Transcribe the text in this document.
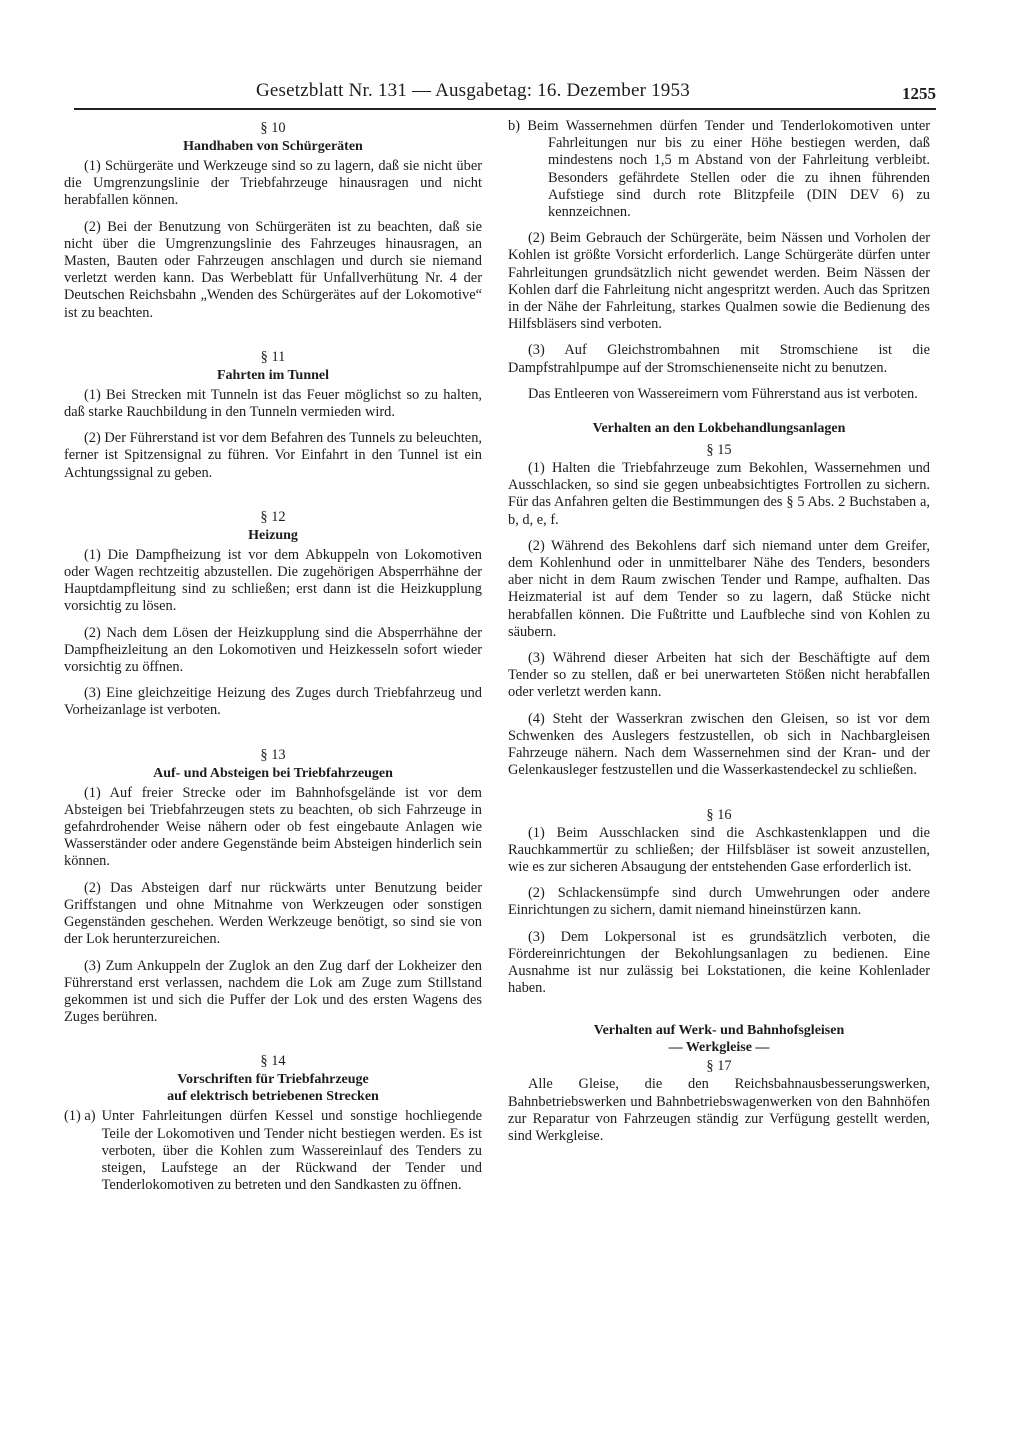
Gesetzblatt Nr. 131 — Ausgabetag: 16. Dezember 1953	1255

§ 10

Handhaben von Schürgeräten

(1) Schürgeräte und Werkzeuge sind so zu lagern, daß sie nicht über die Umgrenzungslinie der Triebfahrzeuge hinausragen und nicht herabfallen können.

(2) Bei der Benutzung von Schürgeräten ist zu beachten, daß sie nicht über die Umgrenzungslinie des Fahrzeuges hinausragen, an Masten, Bauten oder Fahrzeugen anschlagen und durch sie niemand verletzt werden kann. Das Werbeblatt für Unfallverhütung Nr. 4 der Deutschen Reichsbahn „Wenden des Schürgerätes auf der Lokomotive“ ist zu beachten.

§ 11

Fahrten im Tunnel

(1) Bei Strecken mit Tunneln ist das Feuer möglichst so zu halten, daß starke Rauchbildung in den Tunneln vermieden wird.

(2) Der Führerstand ist vor dem Befahren des Tunnels zu beleuchten, ferner ist Spitzensignal zu führen. Vor Einfahrt in den Tunnel ist ein Achtungssignal zu geben.

§ 12

Heizung

(1) Die Dampfheizung ist vor dem Abkuppeln von Lokomotiven oder Wagen rechtzeitig abzustellen. Die zugehörigen Absperrhähne der Hauptdampfleitung sind zu schließen; erst dann ist die Heizkupplung vorsichtig zu lösen.

(2) Nach dem Lösen der Heizkupplung sind die Absperrhähne der Dampfheizleitung an den Lokomotiven und Heizkesseln sofort wieder vorsichtig zu öffnen.

(3) Eine gleichzeitige Heizung des Zuges durch Triebfahrzeug und Vorheizanlage ist verboten.

§ 13

Auf- und Absteigen bei Triebfahrzeugen

(1) Auf freier Strecke oder im Bahnhofsgelände ist vor dem Absteigen bei Triebfahrzeugen stets zu beachten, ob sich Fahrzeuge in gefahrdrohender Weise nähern oder ob fest eingebaute Anlagen wie Wasserständer oder andere Gegenstände beim Absteigen hinderlich sein können.

(2) Das Absteigen darf nur rückwärts unter Benutzung beider Griffstangen und ohne Mitnahme von Werkzeugen oder sonstigen Gegenständen geschehen. Werden Werkzeuge benötigt, so sind sie von der Lok herunterzureichen.

(3) Zum Ankuppeln der Zuglok an den Zug darf der Lokheizer den Führerstand erst verlassen, nachdem die Lok am Zuge zum Stillstand gekommen ist und sich die Puffer der Lok und des ersten Wagens des Zuges berühren.

§ 14

Vorschriften für Triebfahrzeuge

auf elektrisch betriebenen Strecken

(1) a) Unter Fahrleitungen dürfen Kessel und sonstige hochliegende Teile der Lokomotiven und Tender nicht bestiegen werden. Es ist verboten, über die Kohlen zum Wassereinlauf des Tenders zu steigen, Laufstege an der Rückwand der Tender und Tenderlokomotiven zu betreten und den Sandkasten zu öffnen.

b) Beim Wassernehmen dürfen Tender und Tenderlokomotiven unter Fahrleitungen nur bis zu einer Höhe bestiegen werden, daß mindestens noch 1,5 m Abstand von der Fahrleitung verbleibt. Besonders gefährdete Stellen oder die zu ihnen führenden Aufstiege sind durch rote Blitzpfeile (DIN DEV 6) zu kennzeichnen.

(2) Beim Gebrauch der Schürgeräte, beim Nässen und Vorholen der Kohlen ist größte Vorsicht erforderlich. Lange Schürgeräte dürfen unter Fahrleitungen grundsätzlich nicht gewendet werden. Beim Nässen der Kohlen darf die Fahrleitung nicht angespritzt werden. Auch das Spritzen in der Nähe der Fahrleitung, starkes Qualmen sowie die Bedienung des Hilfsbläsers sind verboten.

(3) Auf Gleichstrombahnen mit Stromschiene ist die Dampfstrahlpumpe auf der Stromschienenseite nicht zu benutzen.

Das Entleeren von Wassereimern vom Führerstand aus ist verboten.

Verhalten an den Lokbehandlungsanlagen

§ 15

(1) Halten die Triebfahrzeuge zum Bekohlen, Wassernehmen und Ausschlacken, so sind sie gegen unbeabsichtigtes Fortrollen zu sichern. Für das Anfahren gelten die Bestimmungen des § 5 Abs. 2 Buchstaben a, b, d, e, f.

(2) Während des Bekohlens darf sich niemand unter dem Greifer, dem Kohlenhund oder in unmittelbarer Nähe des Tenders, besonders aber nicht in dem Raum zwischen Tender und Rampe, aufhalten. Das Heizmaterial ist auf dem Tender so zu lagern, daß Stücke nicht herabfallen können. Die Fußtritte und Laufbleche sind von Kohlen zu säubern.

(3) Während dieser Arbeiten hat sich der Beschäftigte auf dem Tender so zu stellen, daß er bei unerwarteten Stößen nicht herabfallen oder verletzt werden kann.

(4) Steht der Wasserkran zwischen den Gleisen, so ist vor dem Schwenken des Auslegers festzustellen, ob sich in Nachbargleisen Fahrzeuge nähern. Nach dem Wassernehmen sind der Kran- und der Gelenkausleger festzustellen und die Wasserkastendeckel zu schließen.

§ 16

(1) Beim Ausschlacken sind die Aschkastenklappen und die Rauchkammertür zu schließen; der Hilfsbläser ist soweit anzustellen, wie es zur sicheren Absaugung der entstehenden Gase erforderlich ist.

(2) Schlackensümpfe sind durch Umwehrungen oder andere Einrichtungen zu sichern, damit niemand hineinstürzen kann.

(3) Dem Lokpersonal ist es grundsätzlich verboten, die Fördereinrichtungen der Bekohlungsanlagen zu bedienen. Eine Ausnahme ist nur zulässig bei Lokstationen, die keine Kohlenlader haben.

Verhalten auf Werk- und Bahnhofsgleisen

— Werkgleise —

§ 17

Alle Gleise, die den Reichsbahnausbesserungswerken, Bahnbetriebswerken und Bahnbetriebswagenwerken von den Bahnhöfen zur Reparatur von Fahrzeugen ständig zur Verfügung gestellt werden, sind Werkgleise.
